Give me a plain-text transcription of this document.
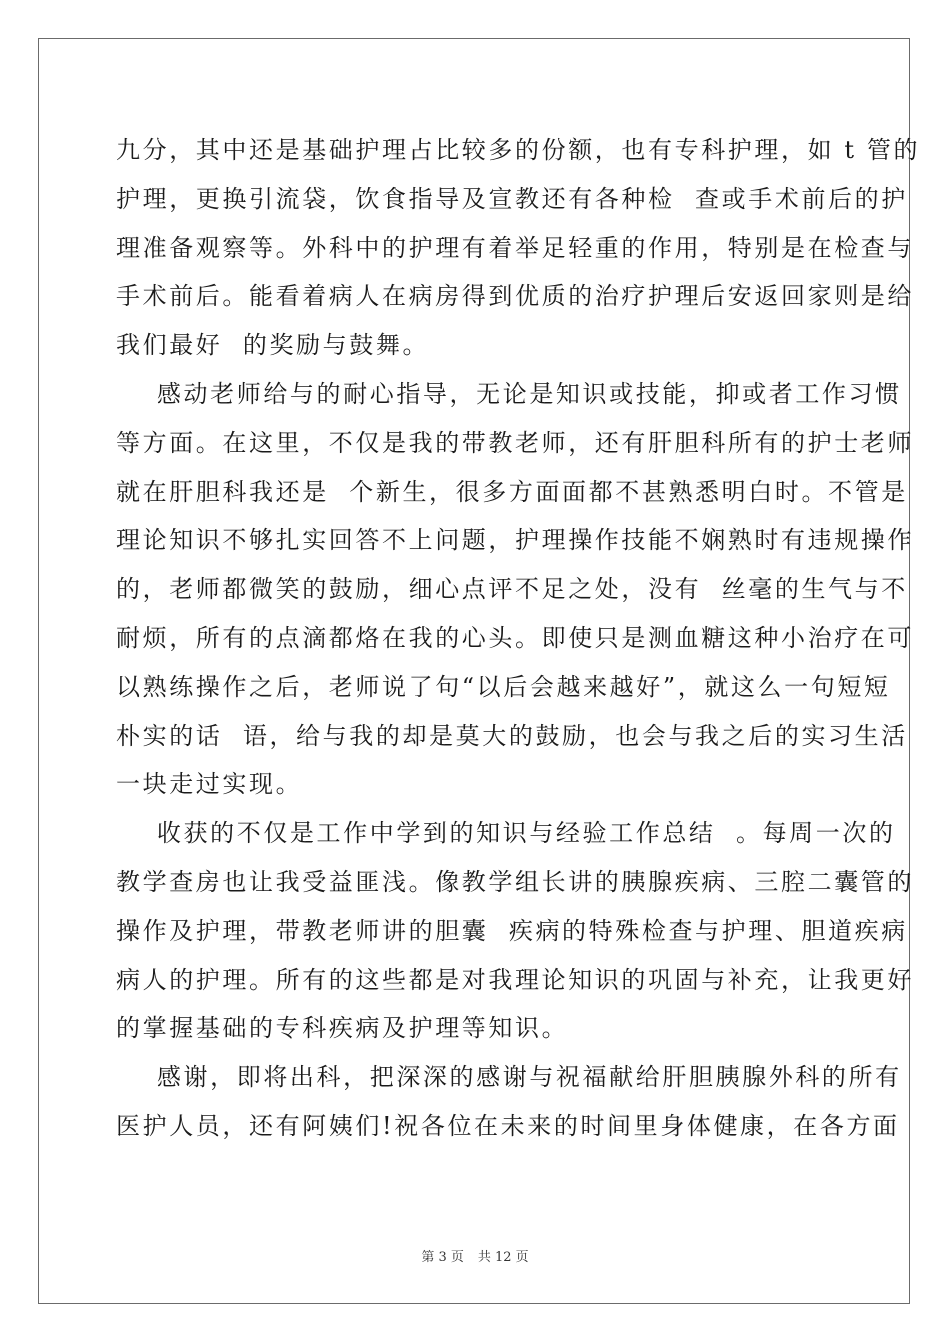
九分，其中还是基础护理占比较多的份额，也有专科护理，如 t 管的
护理，更换引流袋，饮食指导及宣教还有各种检  查或手术前后的护
理准备观察等。外科中的护理有着举足轻重的作用，特别是在检查与
手术前后。能看着病人在病房得到优质的治疗护理后安返回家则是给
我们最好  的奖励与鼓舞。
感动老师给与的耐心指导，无论是知识或技能，抑或者工作习惯
等方面。在这里，不仅是我的带教老师，还有肝胆科所有的护士老师
就在肝胆科我还是  个新生，很多方面面都不甚熟悉明白时。不管是
理论知识不够扎实回答不上问题，护理操作技能不娴熟时有违规操作
的，老师都微笑的鼓励，细心点评不足之处，没有  丝毫的生气与不
耐烦，所有的点滴都烙在我的心头。即使只是测血糖这种小治疗在可
以熟练操作之后，老师说了句“以后会越来越好”，就这么一句短短
朴实的话  语，给与我的却是莫大的鼓励，也会与我之后的实习生活
一块走过实现。
收获的不仅是工作中学到的知识与经验工作总结  。每周一次的
教学查房也让我受益匪浅。像教学组长讲的胰腺疾病、三腔二囊管的
操作及护理，带教老师讲的胆囊  疾病的特殊检查与护理、胆道疾病
病人的护理。所有的这些都是对我理论知识的巩固与补充，让我更好
的掌握基础的专科疾病及护理等知识。
感谢，即将出科，把深深的感谢与祝福献给肝胆胰腺外科的所有
医护人员，还有阿姨们!祝各位在未来的时间里身体健康，在各方面
第 3 页 共 12 页
